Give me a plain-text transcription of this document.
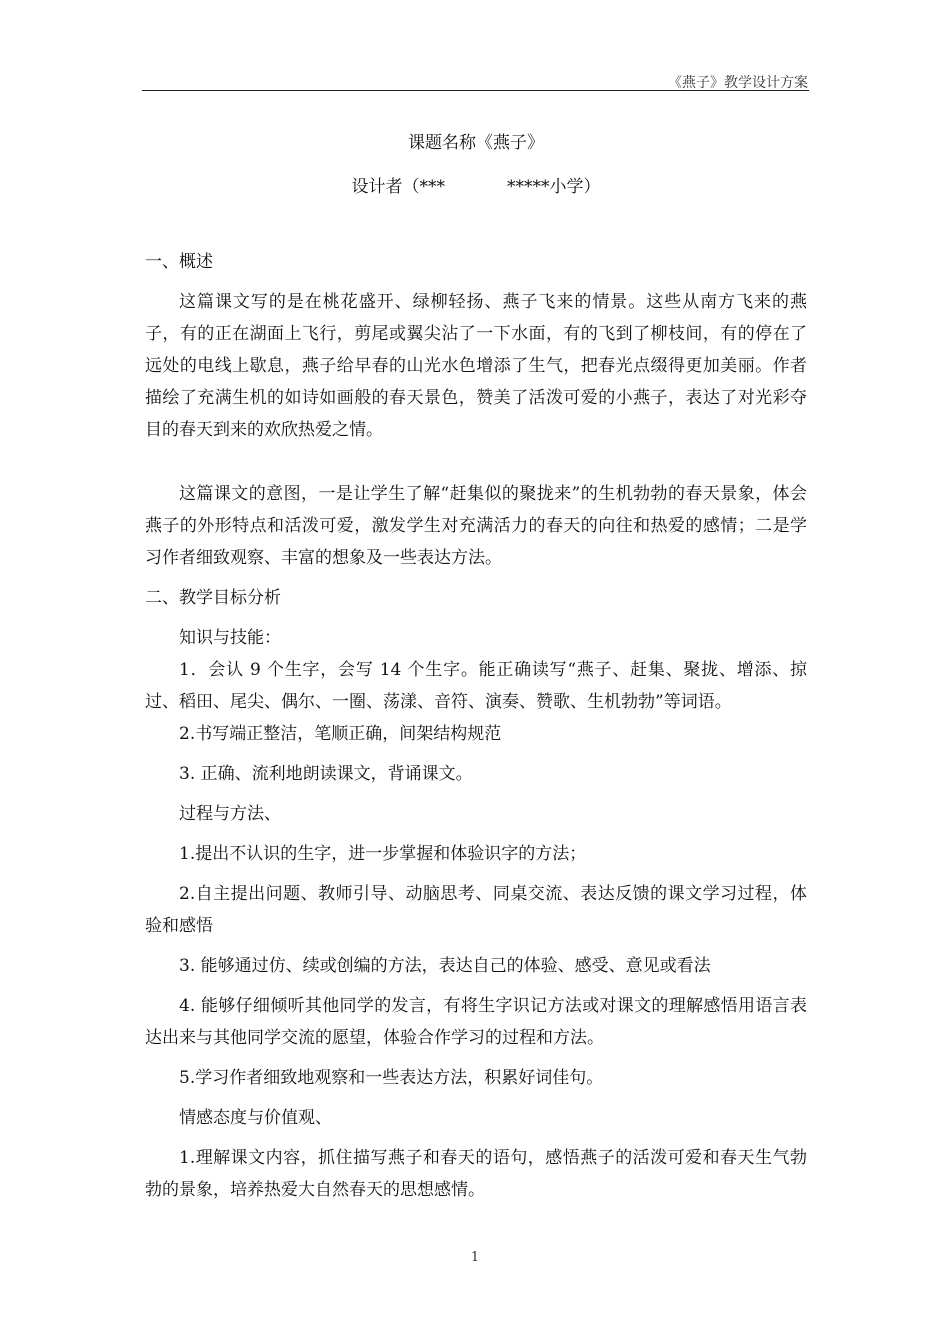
《燕子》教学设计方案
课题名称《燕子》
设计者（***	*****小学）
一、概述
这篇课文写的是在桃花盛开、绿柳轻扬、燕子飞来的情景。这些从南方飞来的燕子，有的正在湖面上飞行，剪尾或翼尖沾了一下水面，有的飞到了柳枝间，有的停在了远处的电线上歇息，燕子给早春的山光水色增添了生气，把春光点缀得更加美丽。作者描绘了充满生机的如诗如画般的春天景色，赞美了活泼可爱的小燕子，表达了对光彩夺目的春天到来的欢欣热爱之情。
这篇课文的意图，一是让学生了解“赶集似的聚拢来”的生机勃勃的春天景象，体会燕子的外形特点和活泼可爱，激发学生对充满活力的春天的向往和热爱的感情；二是学习作者细致观察、丰富的想象及一些表达方法。
二、教学目标分析
知识与技能：
1．会认 9 个生字，会写 14 个生字。能正确读写“燕子、赶集、聚拢、增添、掠过、稻田、尾尖、偶尔、一圈、荡漾、音符、演奏、赞歌、生机勃勃”等词语。
2.书写端正整洁，笔顺正确，间架结构规范
3. 正确、流利地朗读课文，背诵课文。
过程与方法、
1.提出不认识的生字，进一步掌握和体验识字的方法；
2.自主提出问题、教师引导、动脑思考、同桌交流、表达反馈的课文学习过程，体验和感悟
3. 能够通过仿、续或创编的方法，表达自己的体验、感受、意见或看法
4. 能够仔细倾听其他同学的发言，有将生字识记方法或对课文的理解感悟用语言表达出来与其他同学交流的愿望，体验合作学习的过程和方法。
5.学习作者细致地观察和一些表达方法，积累好词佳句。
情感态度与价值观、
1.理解课文内容，抓住描写燕子和春天的语句，感悟燕子的活泼可爱和春天生气勃勃的景象，培养热爱大自然春天的思想感情。
1
